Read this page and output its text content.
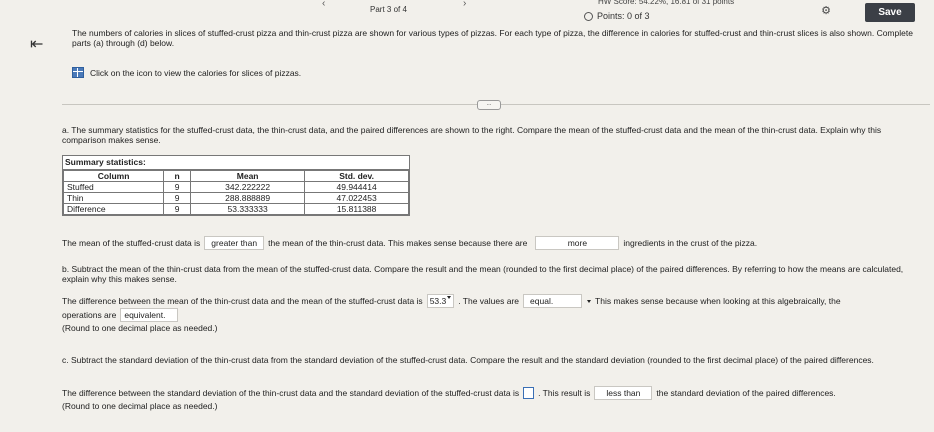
‹
Part 3 of 4
›	HW Score: 54.22%, 16.81 of 31 points
Points: 0 of 3	⚙	Save
⇤
The numbers of calories in slices of stuffed-crust pizza and thin-crust pizza are shown for various types of pizzas. For each type of pizza, the difference in calories for stuffed-crust and thin-crust slices is also shown. Complete parts (a) through (d) below.
Click on the icon to view the calories for slices of pizzas.
...
a. The summary statistics for the stuffed-crust data, the thin-crust data, and the paired differences are shown to the right. Compare the mean of the stuffed-crust data and the mean of the thin-crust data. Explain why this comparison makes sense.
Summary statistics:
Column	n	Mean	Std. dev.
Stuffed	9	342.222222	49.944414
Thin	9	288.888889	47.022453
Difference	9	53.333333	15.811388
The mean of the stuffed-crust data is	greater than	the mean of the thin-crust data. This makes sense because there are	more	ingredients in the crust of the pizza.
b. Subtract the mean of the thin-crust data from the mean of the stuffed-crust data. Compare the result and the mean (rounded to the first decimal place) of the paired differences. By referring to how the means are calculated, explain why this makes sense.
The difference between the mean of the thin-crust data and the mean of the stuffed-crust data is 53.3	. The values are	equal.	This makes sense because when looking at this algebraically, the
operations are equivalent.
(Round to one decimal place as needed.)
c. Subtract the standard deviation of the thin-crust data from the standard deviation of the stuffed-crust data. Compare the result and the standard deviation (rounded to the first decimal place) of the paired differences.
The difference between the standard deviation of the thin-crust data and the standard deviation of the stuffed-crust data is . This result is	less than	the standard deviation of the paired differences.
(Round to one decimal place as needed.)
